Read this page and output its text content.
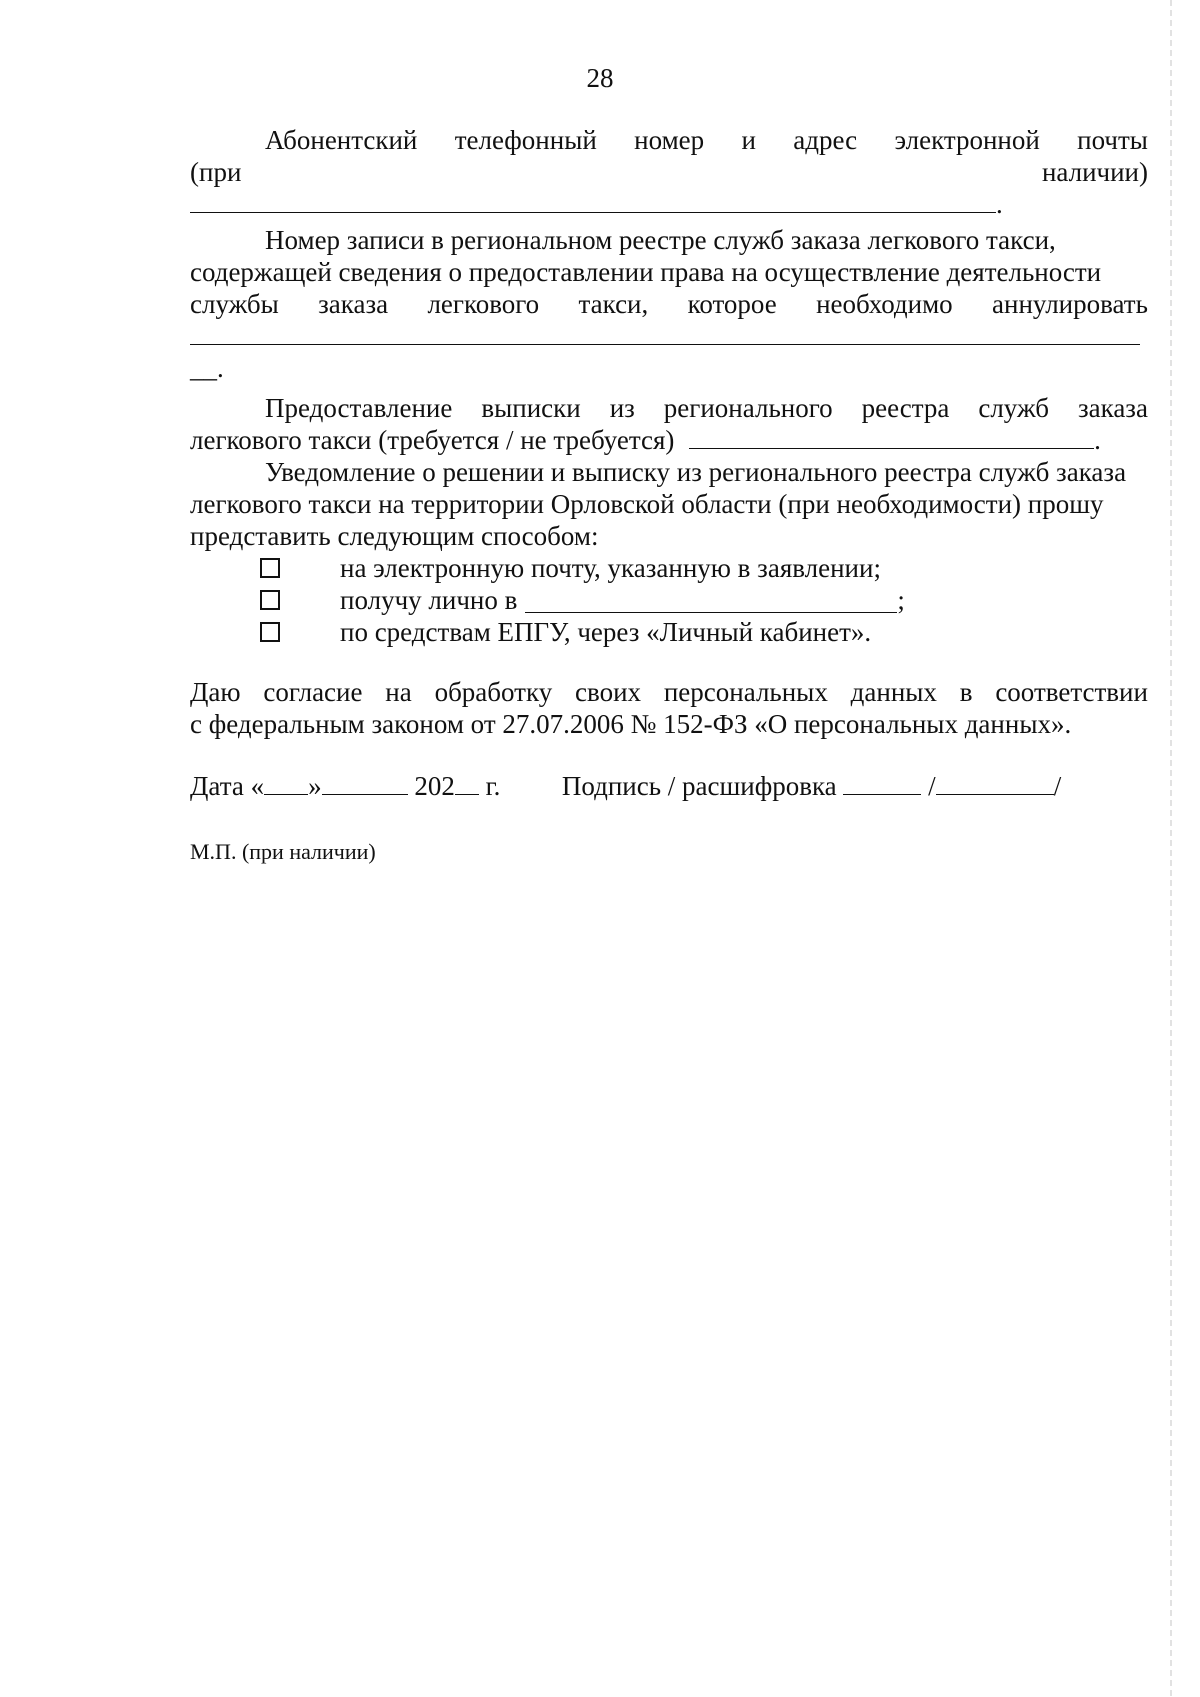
28
Абонентский телефонный номер и адрес электронной почты
(при	наличии)
.
Номер записи в региональном реестре служб заказа легкового такси,
содержащей сведения о предоставлении права на осуществление деятельности
службы заказа легкового такси, которое необходимо аннулировать
__.
Предоставление выписки из регионального реестра служб заказа
легкового такси (требуется / не требуется)	.
Уведомление о решении и выписку из регионального реестра служб заказа
легкового такси на территории Орловской области (при необходимости) прошу
представить следующим способом:
на электронную почту, указанную в заявлении;
получу лично в	;
по средствам ЕПГУ, через «Личный кабинет».
Даю согласие на обработку своих персональных данных в соответствии
с федеральным законом от 27.07.2006 № 152-ФЗ «О персональных данных».
Дата « »	202 г. Подпись / расшифровка	/	/
М.П. (при наличии)
